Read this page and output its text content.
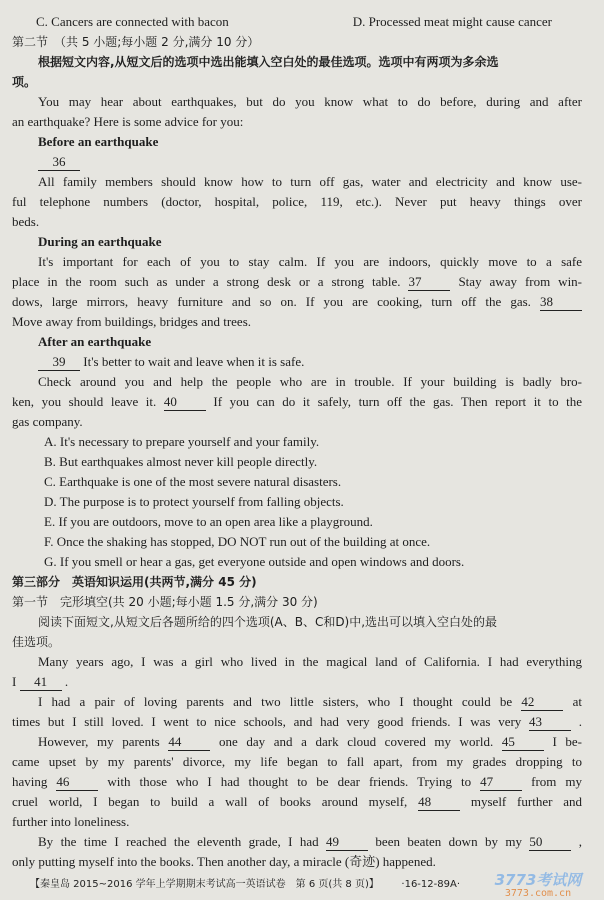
C. Cancers are connected with bacon	D. Processed meat might cause cancer
第二节　（共 5 小题;每小题 2 分,满分 10 分）
根据短文内容,从短文后的选项中选出能填入空白处的最佳选项。选项中有两项为多余选
项。
You may hear about earthquakes, but do you know what to do before, during and after
an earthquake? Here is some advice for you:
Before an earthquake
36
All family members should know how to turn off gas, water and electricity and know use-
ful telephone numbers (doctor, hospital, police, 119, etc.). Never put heavy things over
beds.
During an earthquake
It's important for each of you to stay calm. If you are indoors, quickly move to a safe
place in the room such as under a strong desk or a strong table. 37	Stay away from win-
dows, large mirrors, heavy furniture and so on. If you are cooking, turn off the gas. 38
Move away from buildings, bridges and trees.
After an earthquake
39 It's better to wait and leave when it is safe.
Check around you and help the people who are in trouble. If your building is badly bro-
ken, you should leave it. 40	If you can do it safely, turn off the gas. Then report it to the
gas company.
A. It's necessary to prepare yourself and your family.
B. But earthquakes almost never kill people directly.
C. Earthquake is one of the most severe natural disasters.
D. The purpose is to protect yourself from falling objects.
E. If you are outdoors, move to an open area like a playground.
F. Once the shaking has stopped, DO NOT run out of the building at once.
G. If you smell or hear a gas, get everyone outside and open windows and doors.
第三部分　英语知识运用(共两节,满分 45 分)
第一节　完形填空(共 20 小题;每小题 1.5 分,满分 30 分)
阅读下面短文,从短文后各题所给的四个选项(A、B、C和D)中,选出可以填入空白处的最
佳选项。
Many years ago, I was a girl who lived in the magical land of California. I had everything
I 41 .
I had a pair of loving parents and two little sisters, who I thought could be 42	at
times but I still loved. I went to nice schools, and had very good friends. I was very 43	.
However, my parents 44	one day and a dark cloud covered my world. 45	I be-
came upset by my parents' divorce, my life began to fall apart, from my grades dropping to
having 46	with those who I had thought to be dear friends. Trying to 47	from my
cruel world, I began to build a wall of books around myself, 48	myself further and
further into loneliness.
By the time I reached the eleventh grade, I had 49	been beaten down by my 50	,
only putting myself into the books. Then another day, a miracle (奇迹) happened.
【秦皇岛 2015~2016 学年上学期期末考试高一英语试卷　第 6 页(共 8 页)】 ·16-12-89A·	3773考试网
3773.com.cn
